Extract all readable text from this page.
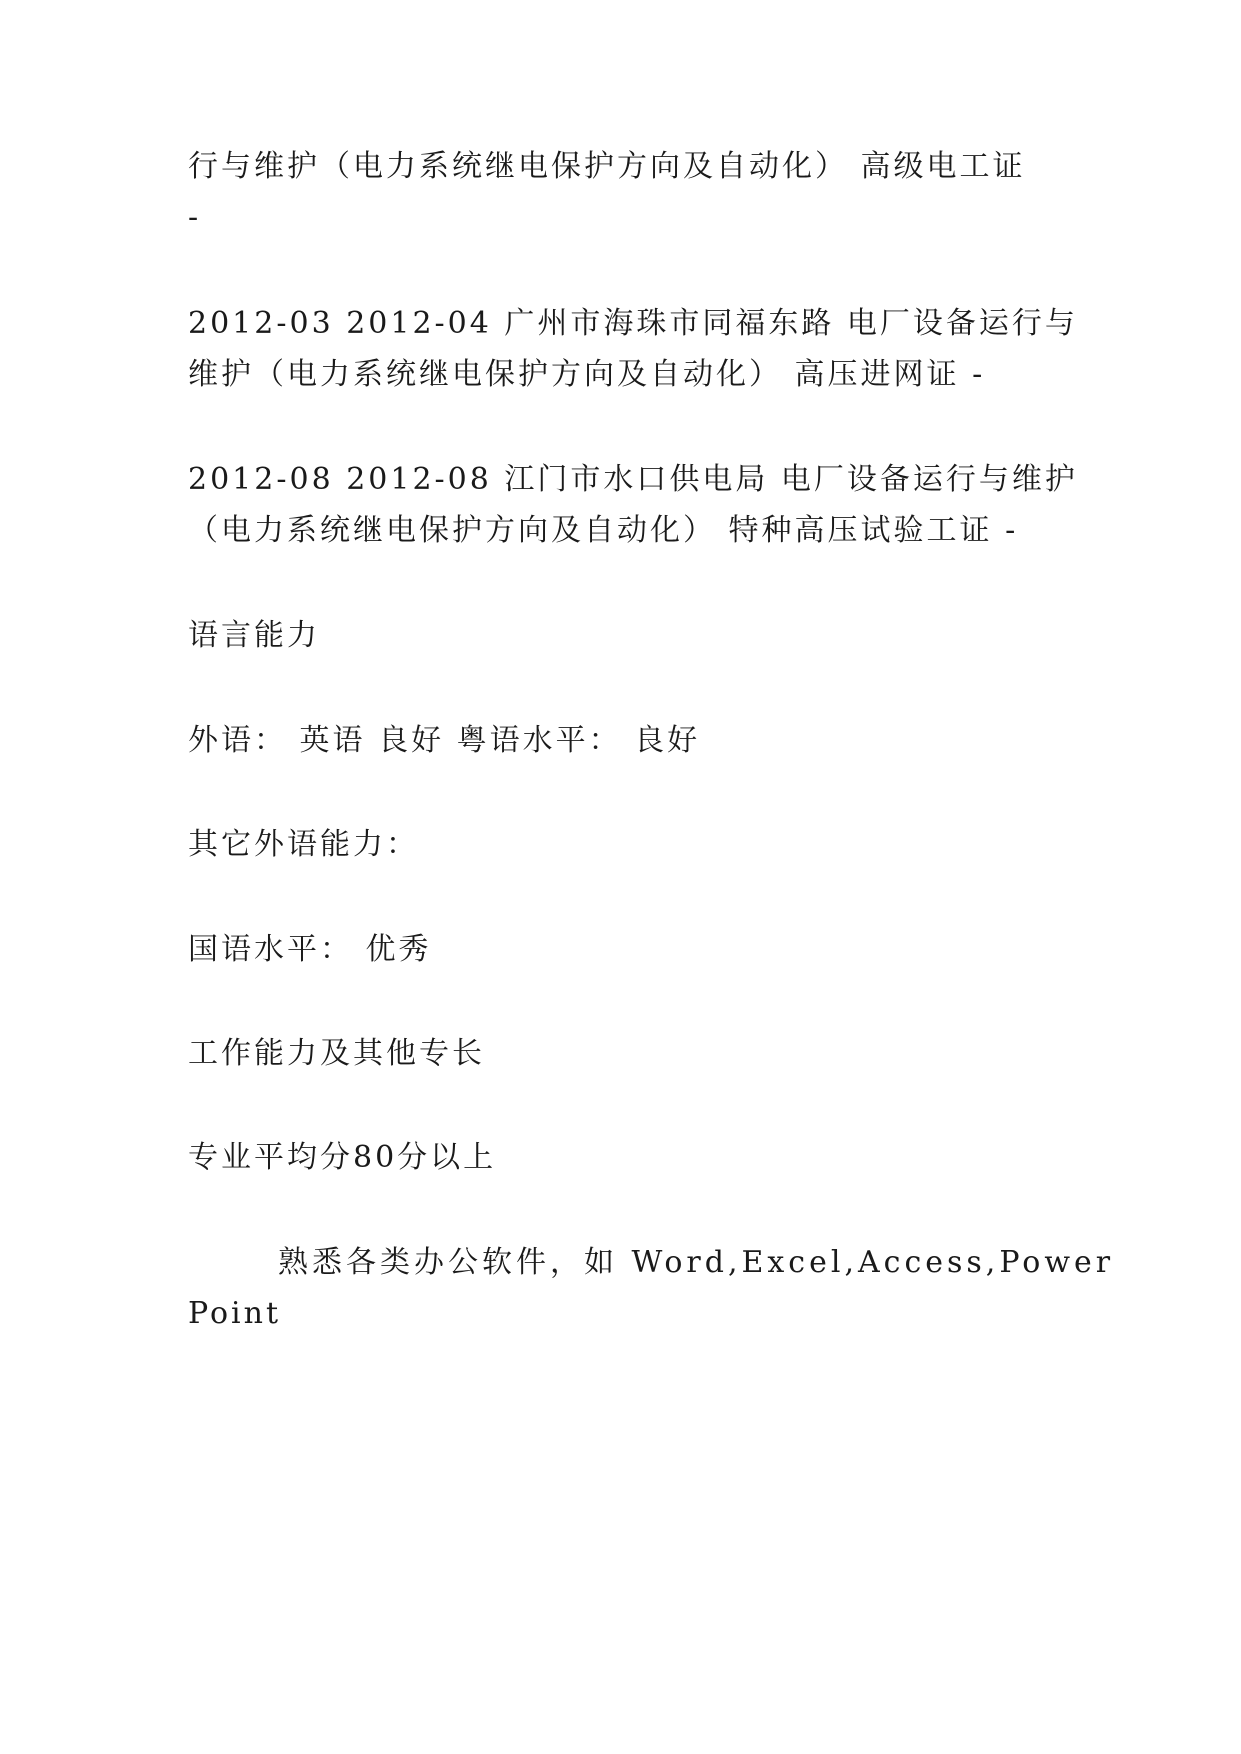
行与维护（电力系统继电保护方向及自动化） 高级电工证
-
2012-03 2012-04 广州市海珠市同福东路 电厂设备运行与
维护（电力系统继电保护方向及自动化） 高压进网证 -
2012-08 2012-08 江门市水口供电局 电厂设备运行与维护
（电力系统继电保护方向及自动化） 特种高压试验工证 -
语言能力
外语： 英语 良好 粤语水平： 良好
其它外语能力：
国语水平： 优秀
工作能力及其他专长
专业平均分80分以上
熟悉各类办公软件，如 Word,Excel,Access,Power
Point
